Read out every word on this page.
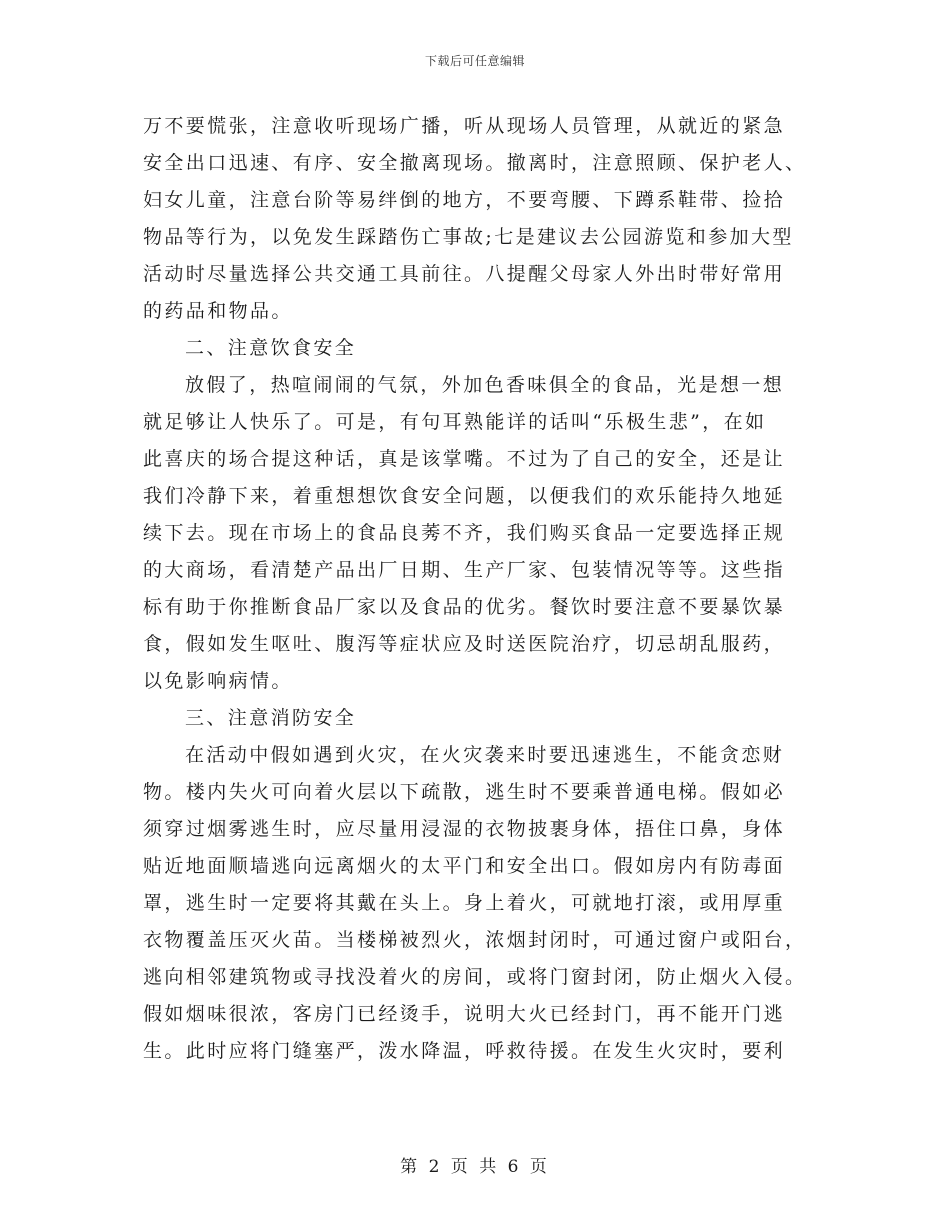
下载后可任意编辑
万不要慌张，注意收听现场广播，听从现场人员管理，从就近的紧急
安全出口迅速、有序、安全撤离现场。撤离时，注意照顾、保护老人、
妇女儿童，注意台阶等易绊倒的地方，不要弯腰、下蹲系鞋带、捡拾
物品等行为，以免发生踩踏伤亡事故;七是建议去公园游览和参加大型
活动时尽量选择公共交通工具前往。八提醒父母家人外出时带好常用
的药品和物品。
二、注意饮食安全
放假了，热喧闹闹的气氛，外加色香味俱全的食品，光是想一想
就足够让人快乐了。可是，有句耳熟能详的话叫“乐极生悲”，在如
此喜庆的场合提这种话，真是该掌嘴。不过为了自己的安全，还是让
我们冷静下来，着重想想饮食安全问题，以便我们的欢乐能持久地延
续下去。现在市场上的食品良莠不齐，我们购买食品一定要选择正规
的大商场，看清楚产品出厂日期、生产厂家、包装情况等等。这些指
标有助于你推断食品厂家以及食品的优劣。餐饮时要注意不要暴饮暴
食，假如发生呕吐、腹泻等症状应及时送医院治疗，切忌胡乱服药，
以免影响病情。
三、注意消防安全
在活动中假如遇到火灾，在火灾袭来时要迅速逃生，不能贪恋财
物。楼内失火可向着火层以下疏散，逃生时不要乘普通电梯。假如必
须穿过烟雾逃生时，应尽量用浸湿的衣物披裹身体，捂住口鼻，身体
贴近地面顺墙逃向远离烟火的太平门和安全出口。假如房内有防毒面
罩，逃生时一定要将其戴在头上。身上着火，可就地打滚，或用厚重
衣物覆盖压灭火苗。当楼梯被烈火，浓烟封闭时，可通过窗户或阳台，
逃向相邻建筑物或寻找没着火的房间，或将门窗封闭，防止烟火入侵。
假如烟味很浓，客房门已经烫手，说明大火已经封门，再不能开门逃
生。此时应将门缝塞严，泼水降温，呼救待援。在发生火灾时，要利
第 2 页 共 6 页
